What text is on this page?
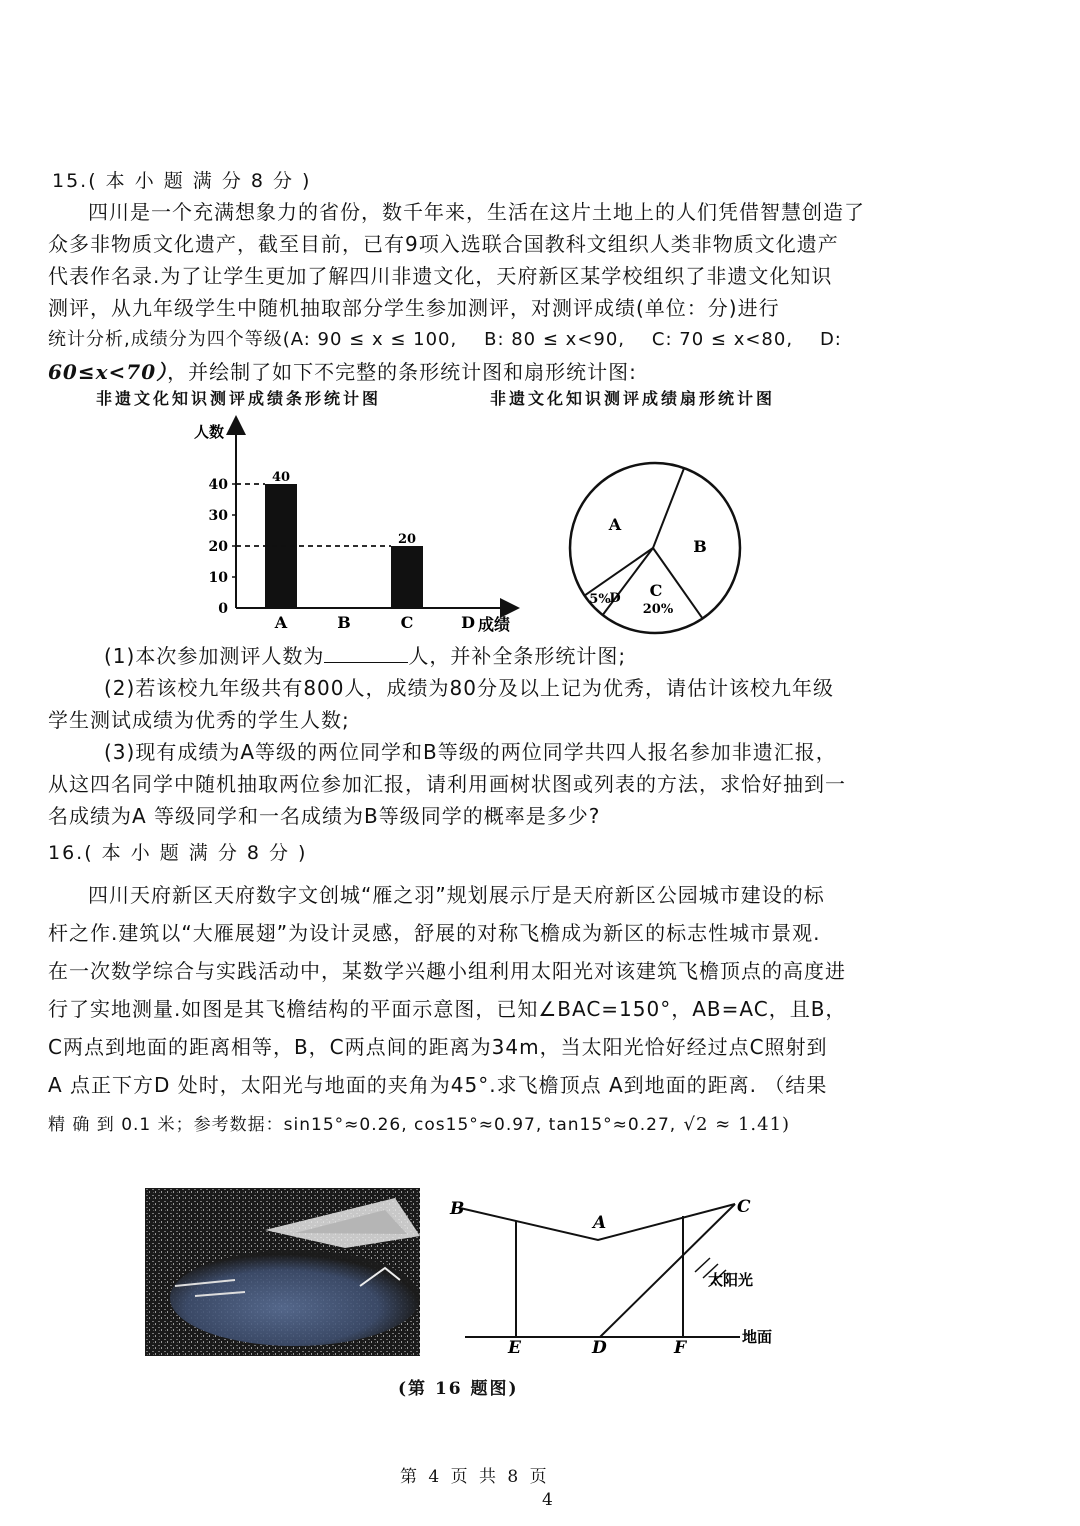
15.( 本 小 题 满 分 8 分 )
四川是一个充满想象力的省份，数千年来，生活在这片土地上的人们凭借智慧创造了
众多非物质文化遗产，截至目前，已有9项入选联合国教科文组织人类非物质文化遗产
代表作名录.为了让学生更加了解四川非遗文化，天府新区某学校组织了非遗文化知识
测评，从九年级学生中随机抽取部分学生参加测评，对测评成绩(单位：分)进行
统计分析,成绩分为四个等级(A: 90 ≤ x ≤ 100,    B: 80 ≤ x<90,    C: 70 ≤ x<80,    D:
60≤x<70），并绘制了如下不完整的条形统计图和扇形统计图:
非遗文化知识测评成绩条形统计图	非遗文化知识测评成绩扇形统计图
人数
0
10
20
30
40
A
40
B	C
20
D 成绩
A
B
C
20%
D
5%
(1)本次参加测评人数为	人，并补全条形统计图;
(2)若该校九年级共有800人，成绩为80分及以上记为优秀，请估计该校九年级
学生测试成绩为优秀的学生人数;
(3)现有成绩为A等级的两位同学和B等级的两位同学共四人报名参加非遗汇报，
从这四名同学中随机抽取两位参加汇报，请利用画树状图或列表的方法，求恰好抽到一
名成绩为A 等级同学和一名成绩为B等级同学的概率是多少?
16.( 本 小 题 满 分 8 分 )
四川天府新区天府数字文创城“雁之羽”规划展示厅是天府新区公园城市建设的标
杆之作.建筑以“大雁展翅”为设计灵感，舒展的对称飞檐成为新区的标志性城市景观.
在一次数学综合与实践活动中，某数学兴趣小组利用太阳光对该建筑飞檐顶点的高度进
行了实地测量.如图是其飞檐结构的平面示意图，已知∠BAC=150°，AB=AC，且B，
C两点到地面的距离相等，B，C两点间的距离为34m，当太阳光恰好经过点C照射到
A 点正下方D 处时，太阳光与地面的夹角为45°.求飞檐顶点 A到地面的距离. （结果
精 确 到 0.1 米；参考数据：sin15°≈0.26, cos15°≈0.97, tan15°≈0.27, √2 ≈ 1.41)
B
A
C
E	D	F
太阳光
地面
(第 16 题图)
第 4 页 共 8 页
4
